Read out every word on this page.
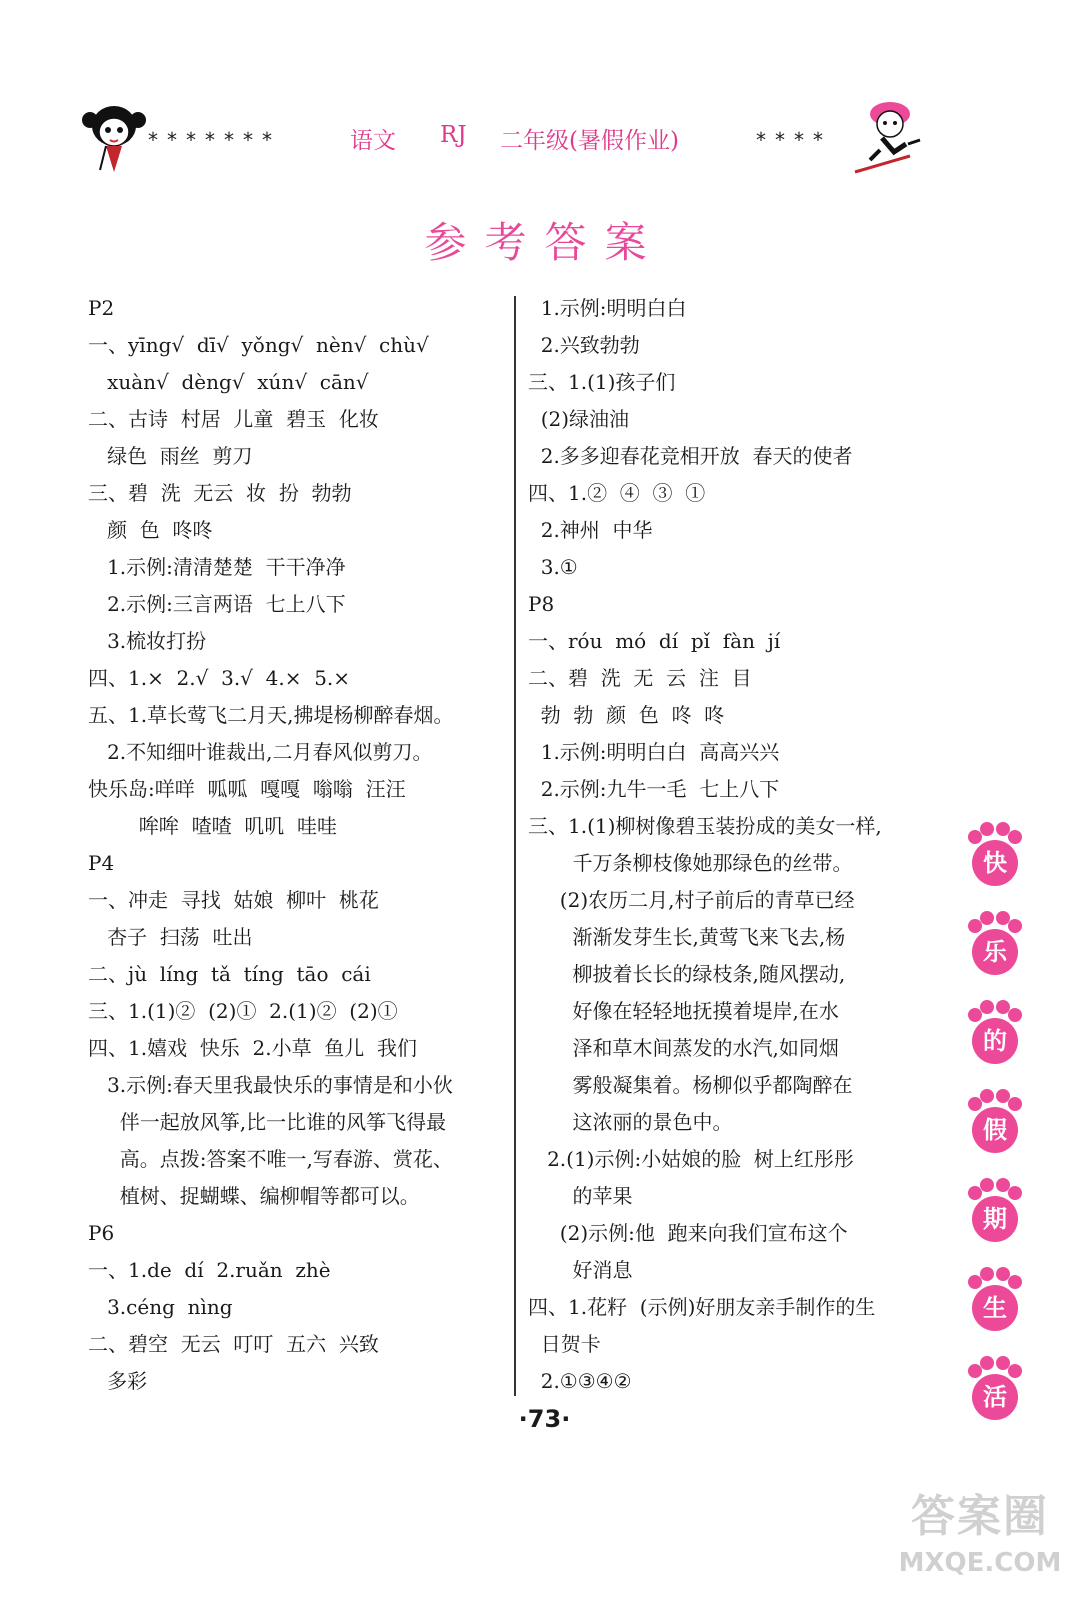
*******	语文 RJ 二年级(暑假作业)	****
参考答案
P2
一、yīng√  dī√  yǒng√  nèn√  chù√
xuàn√  dèng√  xún√  cān√
二、古诗  村居  儿童  碧玉  化妆
绿色  雨丝  剪刀
三、碧  洗  无云  妆  扮  勃勃
颜  色  咚咚
1.示例:清清楚楚  干干净净
2.示例:三言两语  七上八下
3.梳妆打扮
四、1.×  2.√  3.√  4.×  5.×
五、1.草长莺飞二月天,拂堤杨柳醉春烟。
2.不知细叶谁裁出,二月春风似剪刀。
快乐岛:咩咩  呱呱  嘎嘎  嗡嗡  汪汪
哞哞  喳喳  叽叽  哇哇
P4
一、冲走  寻找  姑娘  柳叶  桃花
杏子  扫荡  吐出
二、jù  líng  tǎ  tíng  tāo  cái
三、1.(1)②  (2)①  2.(1)②  (2)①
四、1.嬉戏  快乐  2.小草  鱼儿  我们
3.示例:春天里我最快乐的事情是和小伙
伴一起放风筝,比一比谁的风筝飞得最
高。点拨:答案不唯一,写春游、赏花、
植树、捉蝴蝶、编柳帽等都可以。
P6
一、1.de  dí  2.ruǎn  zhè
3.céng  nìng
二、碧空  无云  叮叮  五六  兴致
多彩
1.示例:明明白白
2.兴致勃勃
三、1.(1)孩子们
(2)绿油油
2.多多迎春花竞相开放  春天的使者
四、1.②  ④  ③  ①
2.神州  中华
3.①
P8
一、róu  mó  dí  pǐ  fàn  jí
二、碧  洗  无  云  注  目
勃  勃  颜  色  咚  咚
1.示例:明明白白  高高兴兴
2.示例:九牛一毛  七上八下
三、1.(1)柳树像碧玉装扮成的美女一样,
千万条柳枝像她那绿色的丝带。
(2)农历二月,村子前后的青草已经
渐渐发芽生长,黄莺飞来飞去,杨
柳披着长长的绿枝条,随风摆动,
好像在轻轻地抚摸着堤岸,在水
泽和草木间蒸发的水汽,如同烟
雾般凝集着。杨柳似乎都陶醉在
这浓丽的景色中。
2.(1)示例:小姑娘的脸  树上红彤彤
的苹果
(2)示例:他  跑来向我们宣布这个
好消息
四、1.花籽  (示例)好朋友亲手制作的生
日贺卡
2.①③④②
·73·
快
乐
的
假
期
生
活
答案圈
MXQE.COM
